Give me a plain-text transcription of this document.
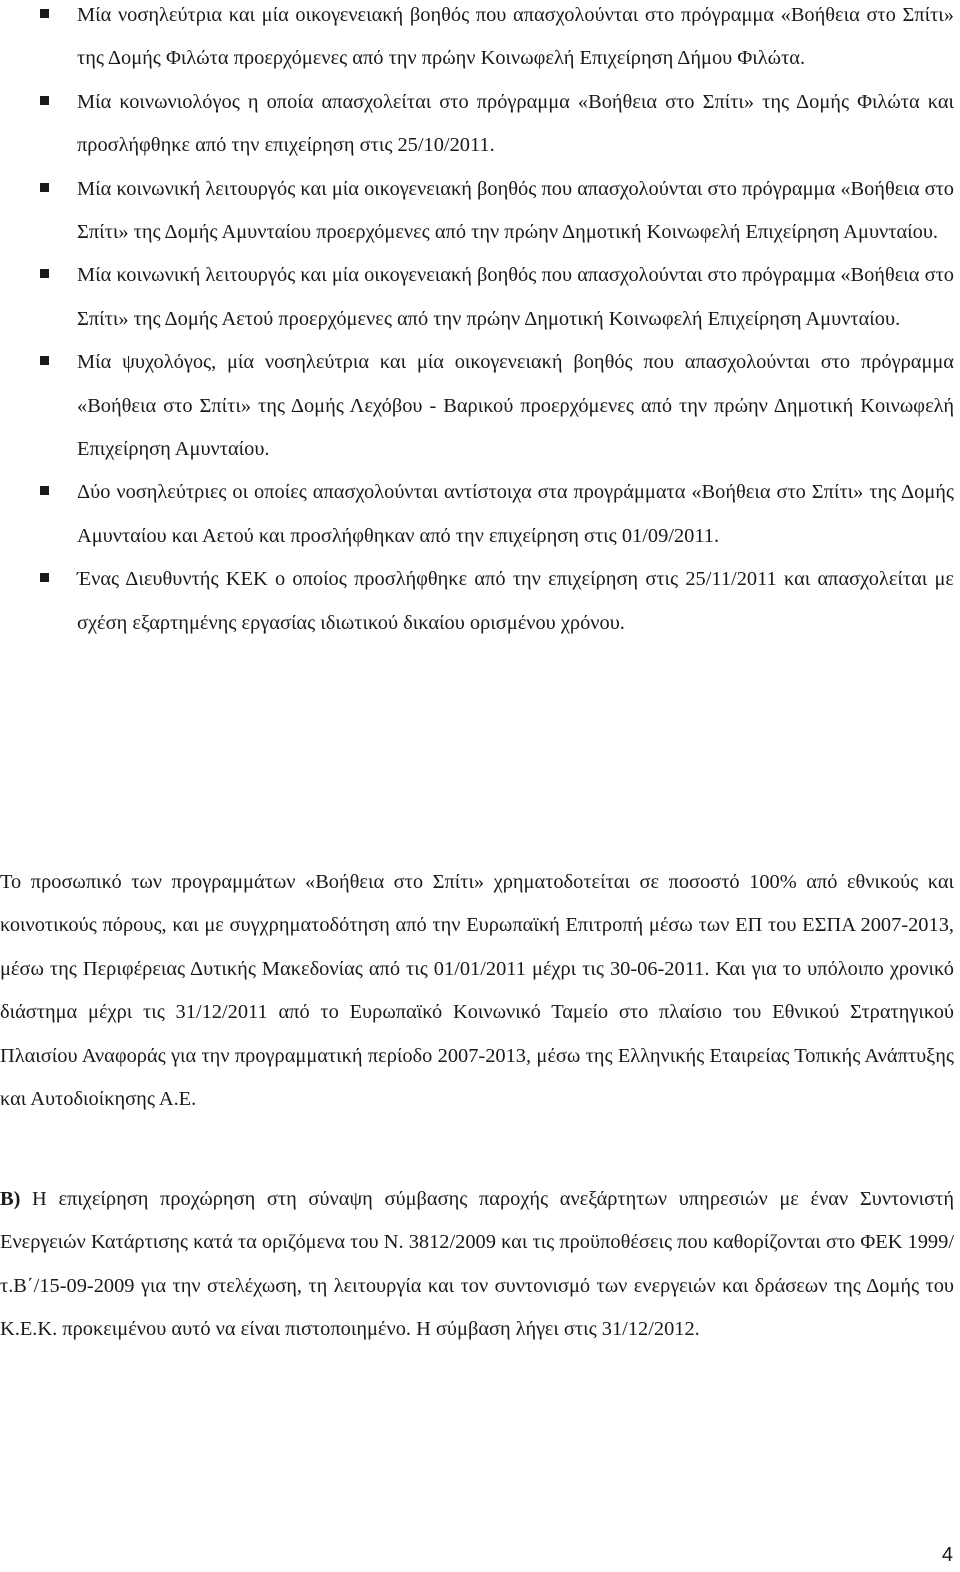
Μία νοσηλεύτρια και μία οικογενειακή βοηθός που απασχολούνται στο πρόγραμμα «Βοήθεια στο Σπίτι» της Δομής Φιλώτα προερχόμενες από την πρώην Κοινωφελή Επιχείρηση Δήμου Φιλώτα.
Μία κοινωνιολόγος η οποία απασχολείται στο πρόγραμμα «Βοήθεια στο Σπίτι» της Δομής Φιλώτα και προσλήφθηκε από την επιχείρηση στις 25/10/2011.
Μία κοινωνική λειτουργός και μία οικογενειακή βοηθός που απασχολούνται στο πρόγραμμα «Βοήθεια στο Σπίτι» της Δομής Αμυνταίου προερχόμενες από την πρώην Δημοτική Κοινωφελή Επιχείρηση Αμυνταίου.
Μία κοινωνική λειτουργός και μία οικογενειακή βοηθός που απασχολούνται στο πρόγραμμα «Βοήθεια στο Σπίτι» της Δομής Αετού προερχόμενες από την πρώην Δημοτική Κοινωφελή Επιχείρηση Αμυνταίου.
Μία ψυχολόγος, μία νοσηλεύτρια και μία οικογενειακή βοηθός που απασχολούνται στο πρόγραμμα «Βοήθεια στο Σπίτι» της Δομής Λεχόβου - Βαρικού προερχόμενες από την πρώην Δημοτική Κοινωφελή Επιχείρηση Αμυνταίου.
Δύο νοσηλεύτριες οι οποίες απασχολούνται αντίστοιχα στα προγράμματα «Βοήθεια στο Σπίτι» της Δομής Αμυνταίου και Αετού και προσλήφθηκαν από την επιχείρηση στις 01/09/2011.
Ένας Διευθυντής ΚΕΚ ο οποίος προσλήφθηκε από την επιχείρηση στις 25/11/2011 και απασχολείται με σχέση εξαρτημένης εργασίας ιδιωτικού δικαίου ορισμένου χρόνου.

Το προσωπικό των προγραμμάτων «Βοήθεια στο Σπίτι» χρηματοδοτείται σε ποσοστό 100% από εθνικούς και κοινοτικούς πόρους, και με συγχρηματοδότηση από την Ευρωπαϊκή Επιτροπή μέσω των ΕΠ του ΕΣΠΑ 2007-2013, μέσω της Περιφέρειας Δυτικής Μακεδονίας από τις 01/01/2011 μέχρι τις 30-06-2011. Και για το υπόλοιπο χρονικό διάστημα μέχρι τις 31/12/2011 από το Ευρωπαϊκό Κοινωνικό Ταμείο στο πλαίσιο του Εθνικού Στρατηγικού Πλαισίου Αναφοράς για την προγραμματική περίοδο 2007-2013, μέσω της Ελληνικής Εταιρείας Τοπικής Ανάπτυξης και Αυτοδιοίκησης Α.Ε.

Β) Η επιχείρηση προχώρηση στη σύναψη σύμβασης παροχής ανεξάρτητων υπηρεσιών με έναν Συντονιστή Ενεργειών Κατάρτισης κατά τα οριζόμενα του Ν. 3812/2009 και τις προϋποθέσεις που καθορίζονται στο ΦΕΚ 1999/τ.Β΄/15-09-2009 για την στελέχωση, τη λειτουργία και τον συντονισμό των ενεργειών και δράσεων της Δομής του Κ.Ε.Κ. προκειμένου αυτό να είναι πιστοποιημένο. Η σύμβαση λήγει στις 31/12/2012.

4
